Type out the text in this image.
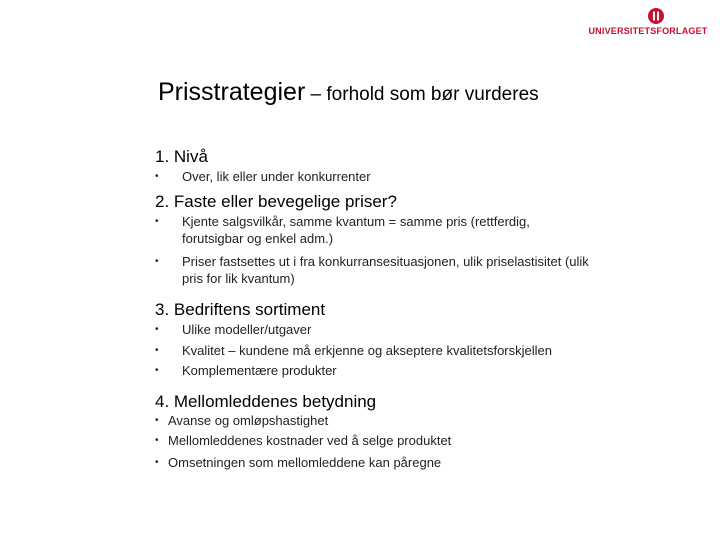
UNIVERSITETSFORLAGET
Prisstrategier – forhold som bør vurderes
1. Nivå
• Over, lik eller under konkurrenter
2. Faste eller bevegelige priser?
• Kjente salgsvilkår, samme kvantum = samme pris (rettferdig, forutsigbar og enkel adm.)
• Priser fastsettes ut i fra konkurransesituasjonen, ulik priselastisitet (ulik pris for lik kvantum)
3. Bedriftens sortiment
• Ulike modeller/utgaver
• Kvalitet – kundene må erkjenne og akseptere kvalitetsforskjellen
• Komplementære produkter
4. Mellomleddenes betydning
• Avanse og omløpshastighet
• Mellomleddenes kostnader ved å selge produktet
• Omsetningen som mellomleddene kan påregne
